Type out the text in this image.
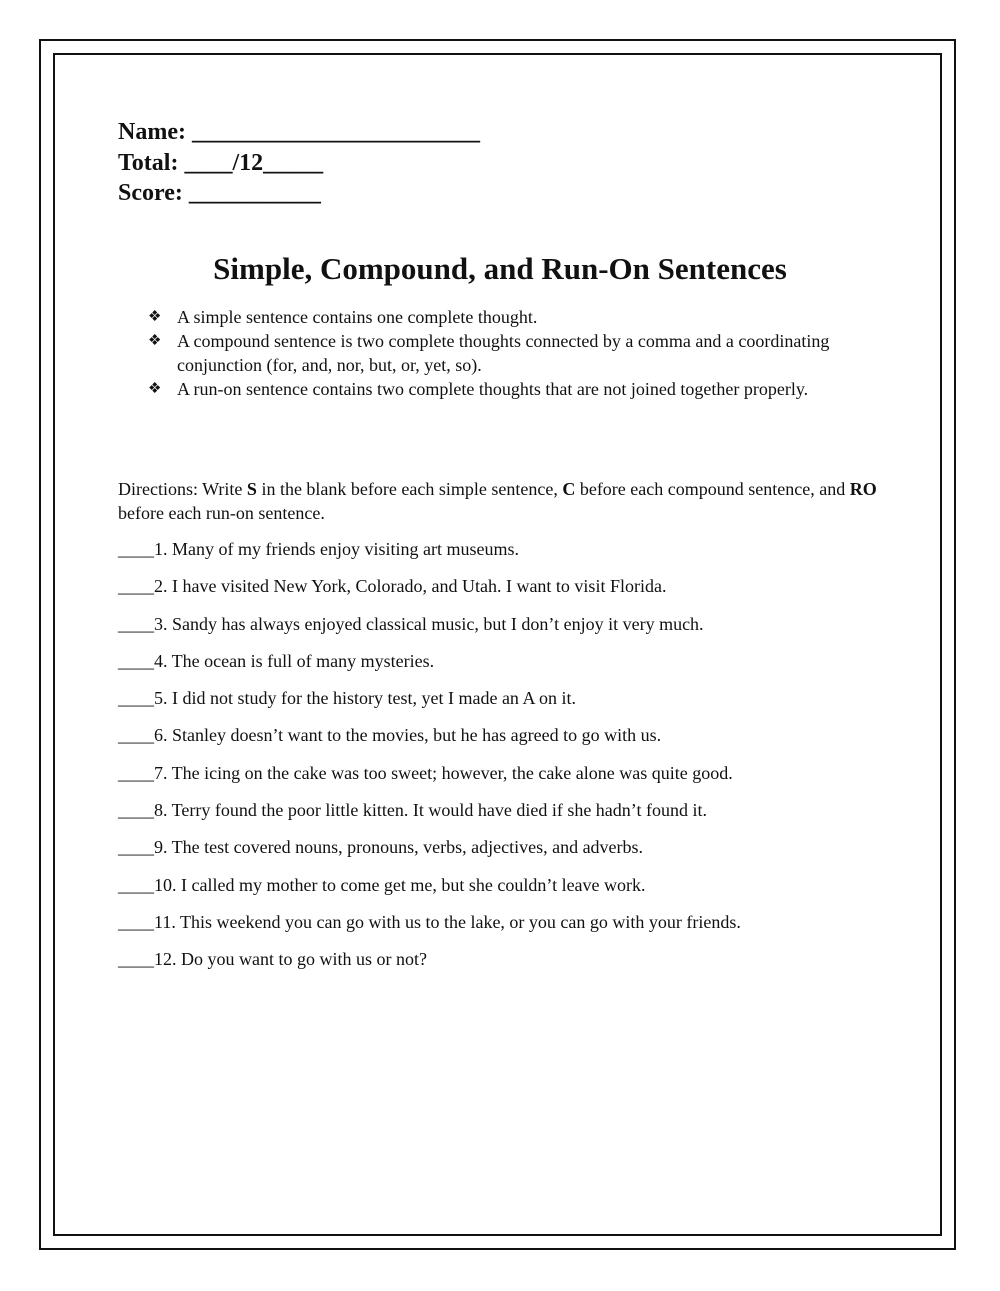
Name: ________________________
Total: ____/12_____
Score: ___________
Simple, Compound, and Run-On Sentences
❖ A simple sentence contains one complete thought.
❖ A compound sentence is two complete thoughts connected by a comma and a coordinating conjunction (for, and, nor, but, or, yet, so).
❖ A run-on sentence contains two complete thoughts that are not joined together properly.
Directions: Write S in the blank before each simple sentence, C before each compound sentence, and RO before each run-on sentence.
____1. Many of my friends enjoy visiting art museums.
____2. I have visited New York, Colorado, and Utah. I want to visit Florida.
____3. Sandy has always enjoyed classical music, but I don’t enjoy it very much.
____4. The ocean is full of many mysteries.
____5. I did not study for the history test, yet I made an A on it.
____6. Stanley doesn’t want to the movies, but he has agreed to go with us.
____7. The icing on the cake was too sweet; however, the cake alone was quite good.
____8. Terry found the poor little kitten. It would have died if she hadn’t found it.
____9. The test covered nouns, pronouns, verbs, adjectives, and adverbs.
____10. I called my mother to come get me, but she couldn’t leave work.
____11. This weekend you can go with us to the lake, or you can go with your friends.
____12. Do you want to go with us or not?
